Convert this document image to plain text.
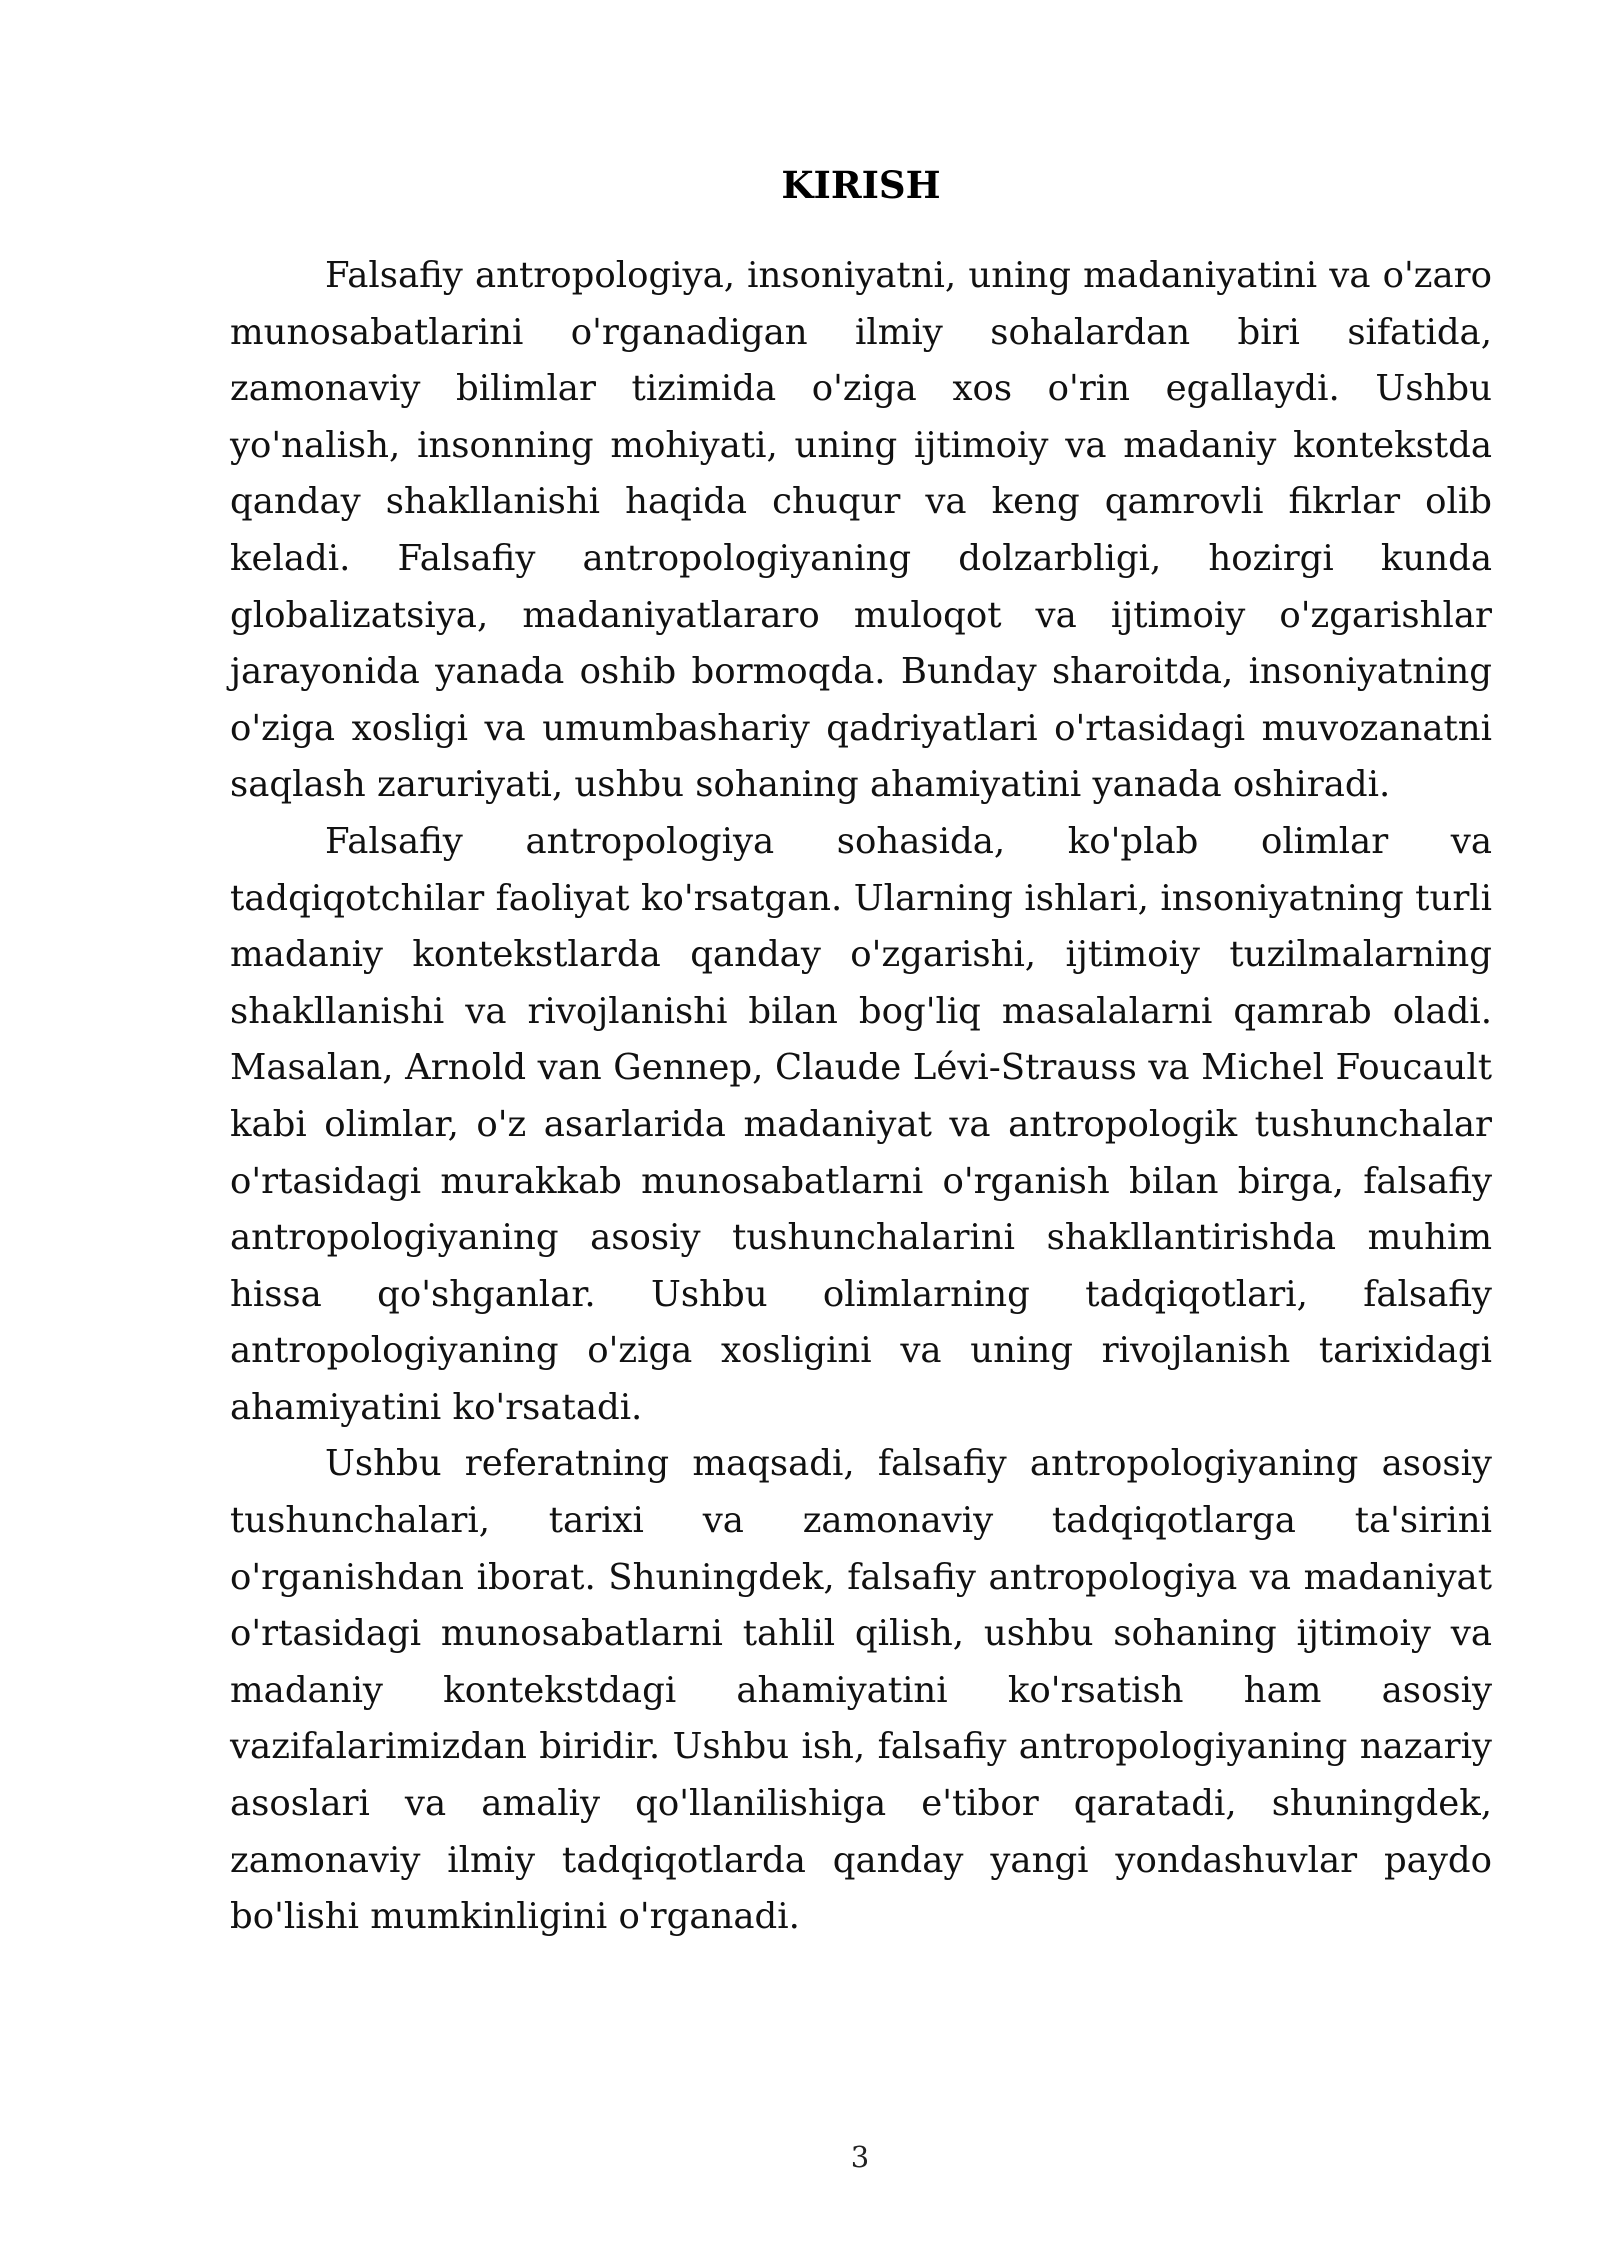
KIRISH

Falsafiy antropologiya, insoniyatni, uning madaniyatini va o'zaro munosabatlarini o'rganadigan ilmiy sohalardan biri sifatida, zamonaviy bilimlar tizimida o'ziga xos o'rin egallaydi. Ushbu yo'nalish, insonning mohiyati, uning ijtimoiy va madaniy kontekstda qanday shakllanishi haqida chuqur va keng qamrovli fikrlar olib keladi. Falsafiy antropologiyaning dolzarbligi, hozirgi kunda globalizatsiya, madaniyatlararo muloqot va ijtimoiy o'zgarishlar jarayonida yanada oshib bormoqda. Bunday sharoitda, insoniyatning o'ziga xosligi va umumbashariy qadriyatlari o'rtasidagi muvozanatni saqlash zaruriyati, ushbu sohaning ahamiyatini yanada oshiradi.

Falsafiy antropologiya sohasida, ko'plab olimlar va tadqiqotchilar faoliyat ko'rsatgan. Ularning ishlari, insoniyatning turli madaniy kontekstlarda qanday o'zgarishi, ijtimoiy tuzilmalarning shakllanishi va rivojlanishi bilan bog'liq masalalarni qamrab oladi. Masalan, Arnold van Gennep, Claude Lévi-Strauss va Michel Foucault kabi olimlar, o'z asarlarida madaniyat va antropologik tushunchalar o'rtasidagi murakkab munosabatlarni o'rganish bilan birga, falsafiy antropologiyaning asosiy tushunchalarini shakllantirishda muhim hissa qo'shganlar. Ushbu olimlarning tadqiqotlari, falsafiy antropologiyaning o'ziga xosligini va uning rivojlanish tarixidagi ahamiyatini ko'rsatadi.

Ushbu referatning maqsadi, falsafiy antropologiyaning asosiy tushunchalari, tarixi va zamonaviy tadqiqotlarga ta'sirini o'rganishdan iborat. Shuningdek, falsafiy antropologiya va madaniyat o'rtasidagi munosabatlarni tahlil qilish, ushbu sohaning ijtimoiy va madaniy kontekstdagi ahamiyatini ko'rsatish ham asosiy vazifalarimizdan biridir. Ushbu ish, falsafiy antropologiyaning nazariy asoslari va amaliy qo'llanilishiga e'tibor qaratadi, shuningdek, zamonaviy ilmiy tadqiqotlarda qanday yangi yondashuvlar paydo bo'lishi mumkinligini o'rganadi.

3
